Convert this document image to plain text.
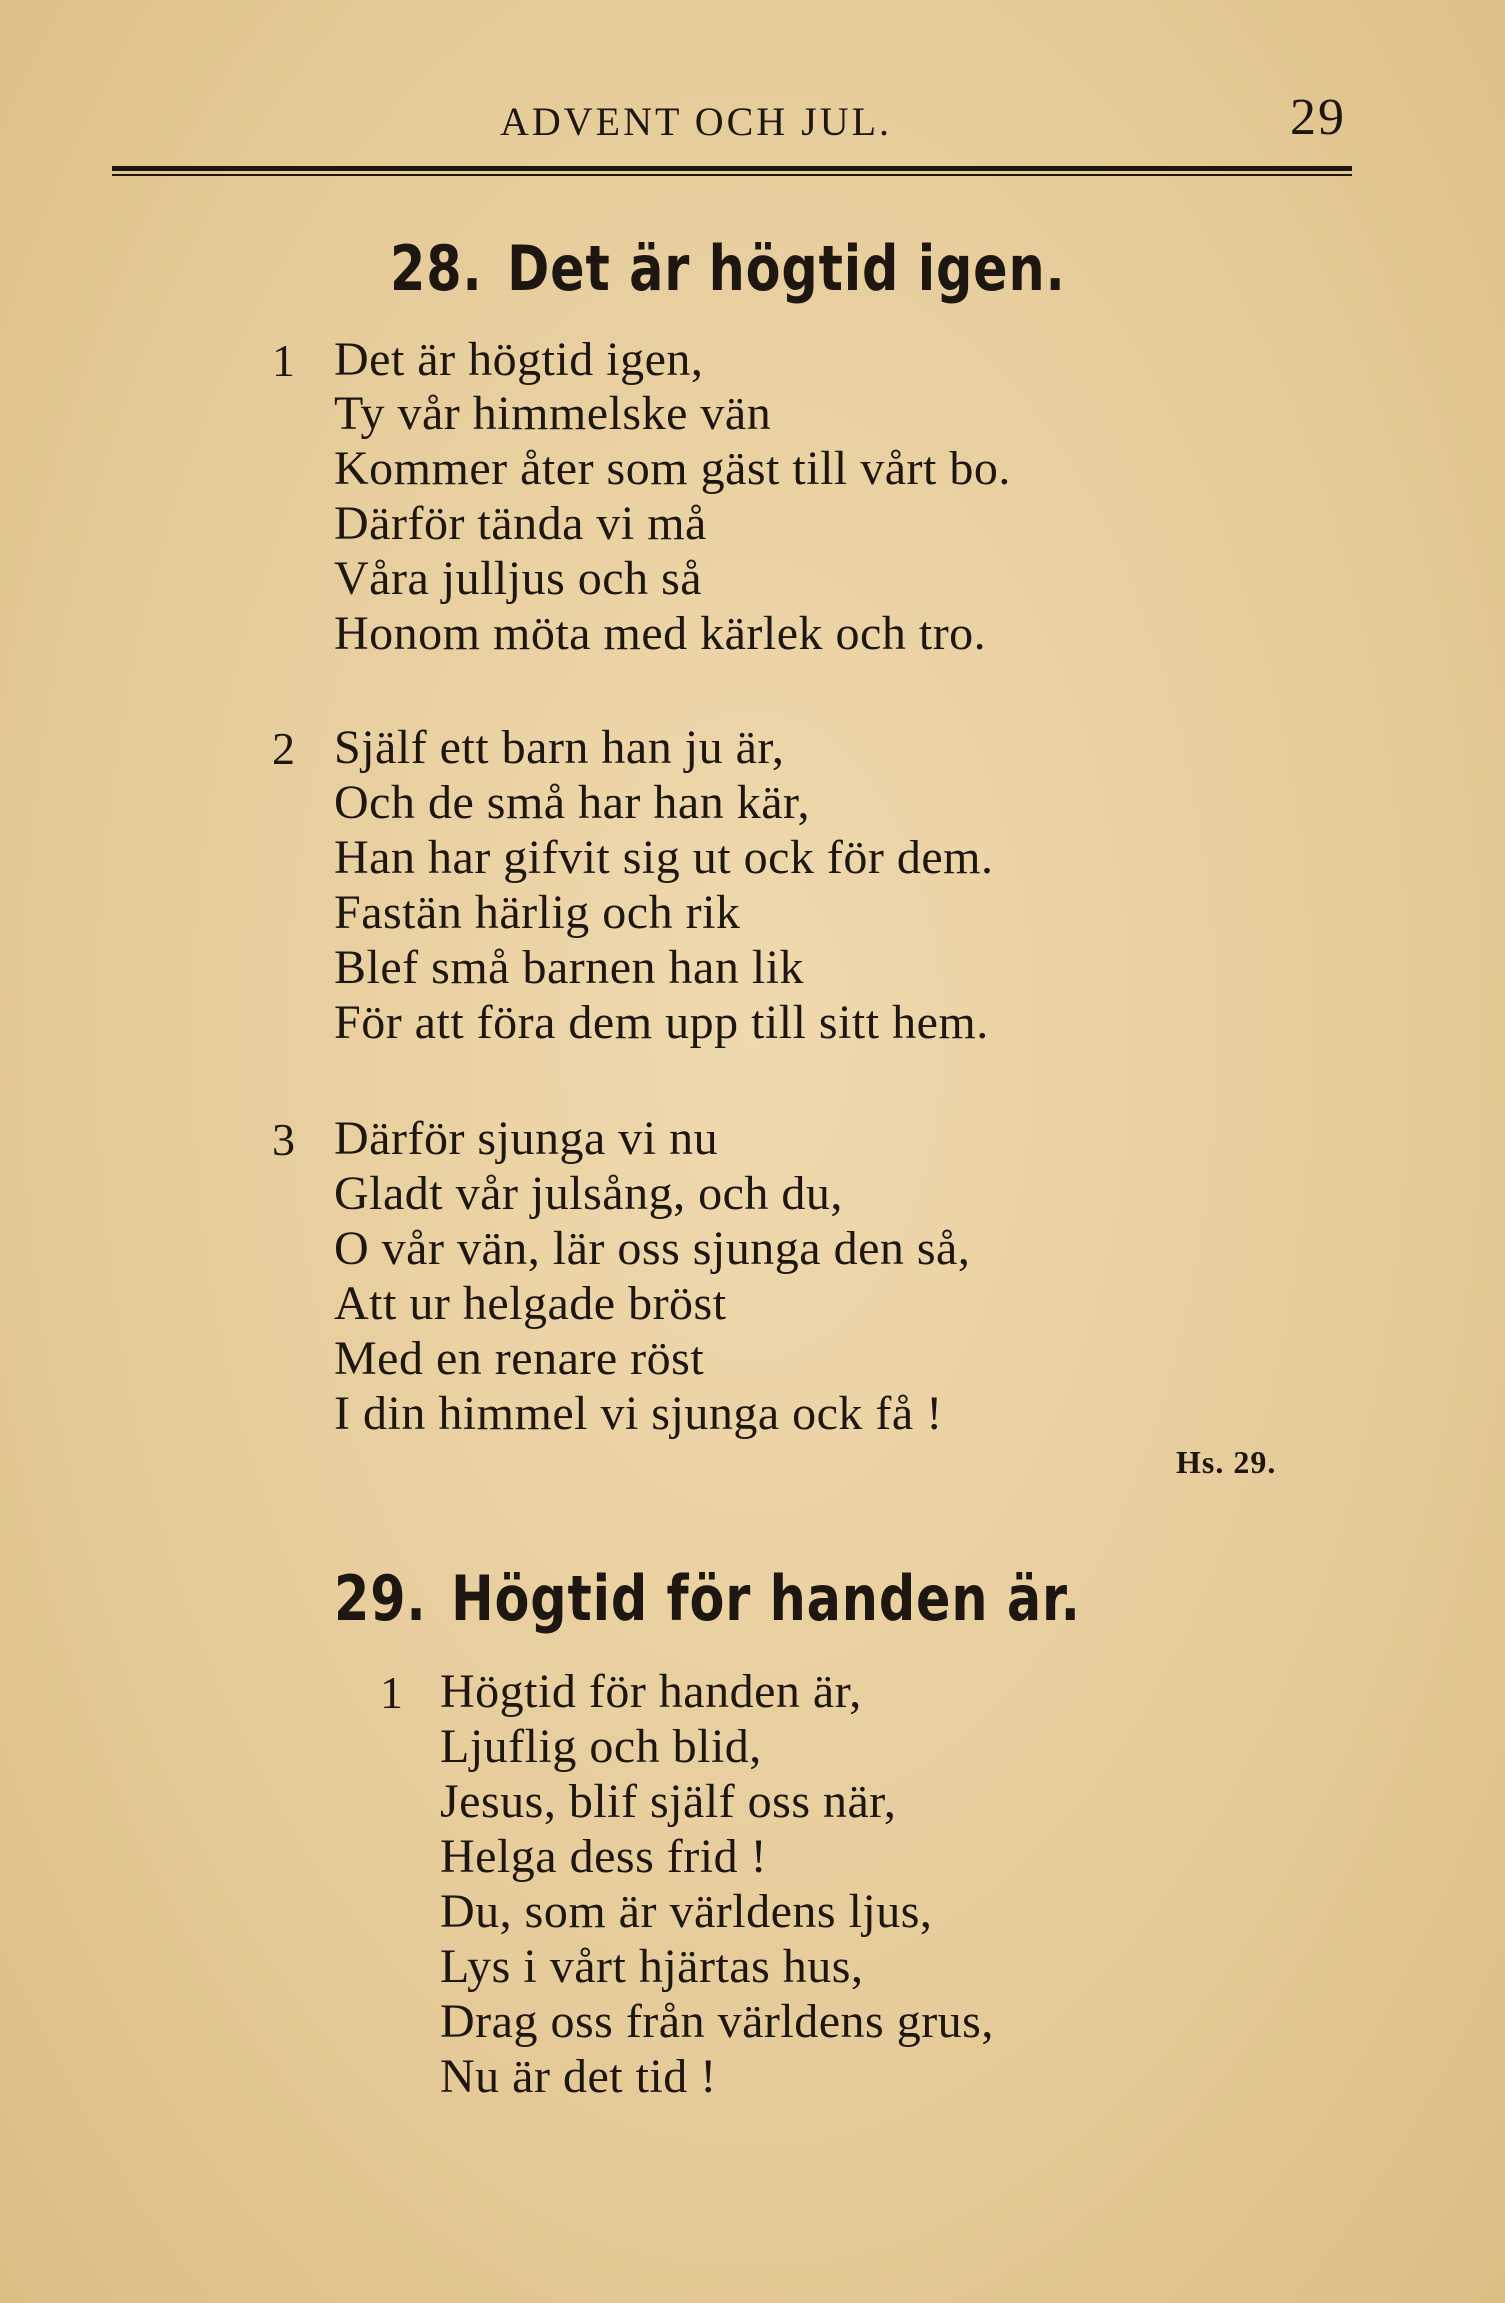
ADVENT OCH JUL.	29
28. Det är högtid igen.
1 Det är högtid igen,
Ty vår himmelske vän
Kommer åter som gäst till vårt bo.
Därför tända vi må
Våra julljus och så
Honom möta med kärlek och tro.
2 Själf ett barn han ju är,
Och de små har han kär,
Han har gifvit sig ut ock för dem.
Fastän härlig och rik
Blef små barnen han lik
För att föra dem upp till sitt hem.
3 Därför sjunga vi nu
Gladt vår julsång, och du,
O vår vän, lär oss sjunga den så,
Att ur helgade bröst
Med en renare röst
I din himmel vi sjunga ock få !
Hs. 29.
29. Högtid för handen är.
1 Högtid för handen är,
Ljuflig och blid,
Jesus, blif själf oss när,
Helga dess frid !
Du, som är världens ljus,
Lys i vårt hjärtas hus,
Drag oss från världens grus,
Nu är det tid !
